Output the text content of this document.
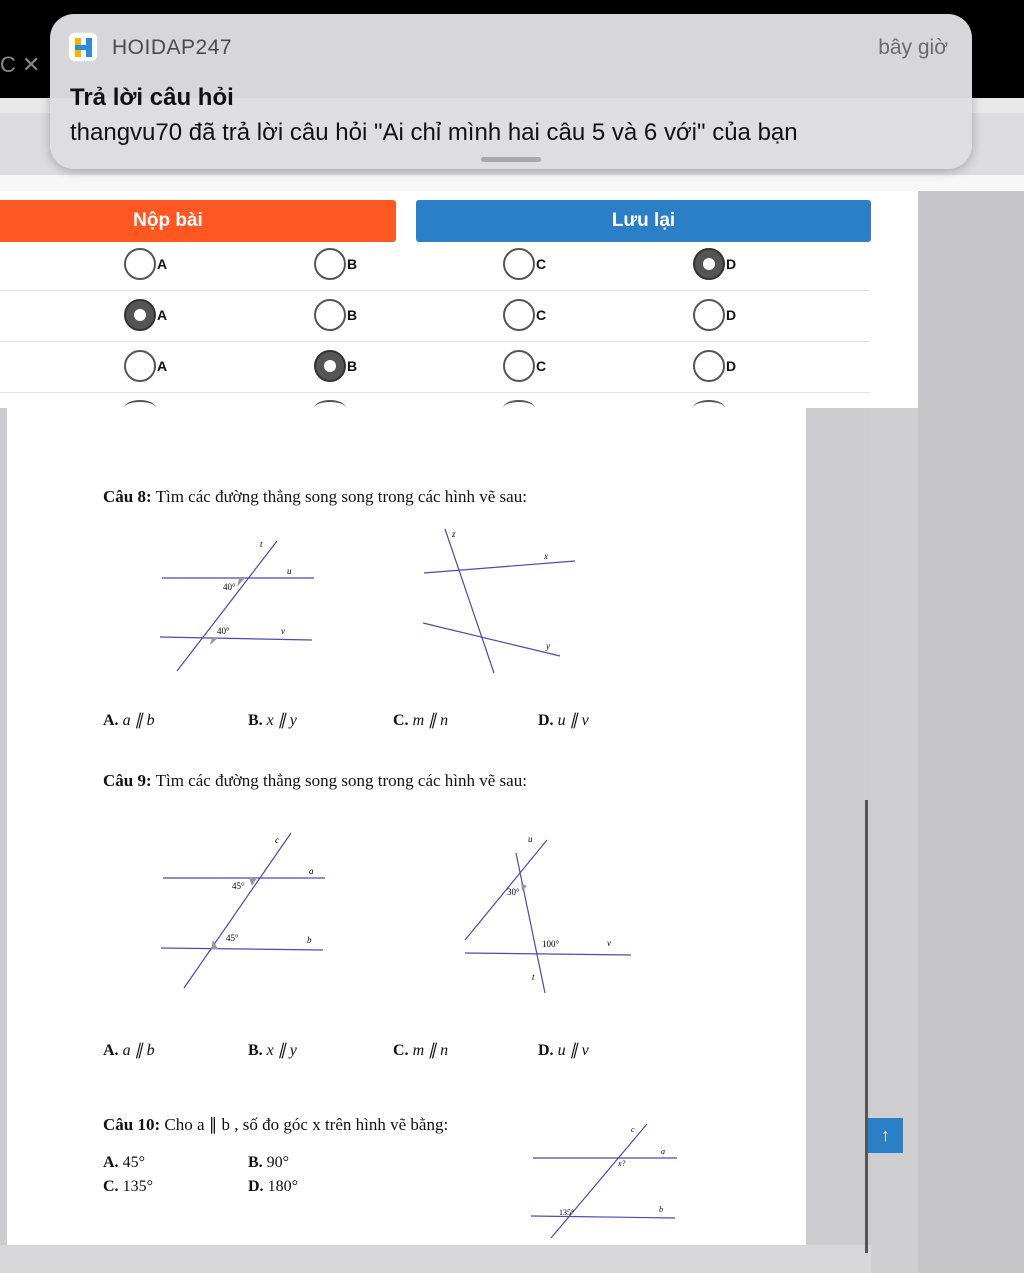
C ✕
HOIDAP247	bây giờ
Trả lời câu hỏi
thangvu70 đã trả lời câu hỏi "Ai chỉ mình hai câu 5 và 6 với" của bạn
Nộp bài	Lưu lại
A	B	C	D
A	B	C	D
A	B	C	D
Câu 8: Tìm các đường thẳng song song trong các hình vẽ sau:
t
u
v
40°
40°
z
x
y
A. a ∥ b	B. x ∥ y	C. m ∥ n	D. u ∥ v
Câu 9: Tìm các đường thẳng song song trong các hình vẽ sau:
c
a
b
45°
45°
u
v
t
30°
100°
A. a ∥ b	B. x ∥ y	C. m ∥ n	D. u ∥ v
Câu 10: Cho a ∥ b , số đo góc x trên hình vẽ bằng:
A. 45°	B. 90°
C. 135°	D. 180°
c
a
b
x?
135°
↑
